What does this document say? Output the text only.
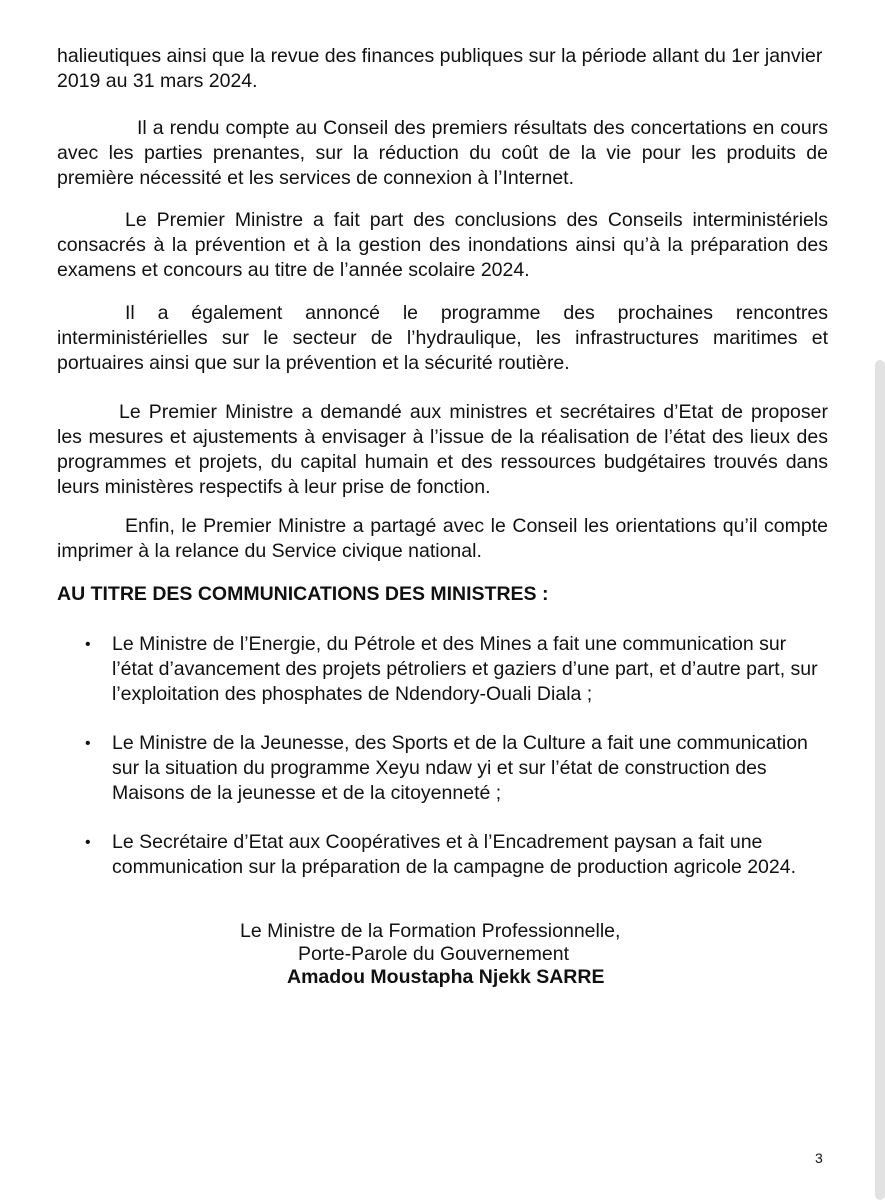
halieutiques ainsi que la revue des finances publiques sur la période allant du 1er janvier 2019 au 31 mars 2024.

Il a rendu compte au Conseil des premiers résultats des concertations en cours avec les parties prenantes, sur la réduction du coût de la vie pour les produits de première nécessité et les services de connexion à l’Internet.

Le Premier Ministre a fait part des conclusions des Conseils interministériels consacrés à la prévention et à la gestion des inondations ainsi qu’à la préparation des examens et concours au titre de l’année scolaire 2024.

Il a également annoncé le programme des prochaines rencontres interministérielles sur le secteur de l’hydraulique, les infrastructures maritimes et portuaires ainsi que sur la prévention et la sécurité routière.

Le Premier Ministre a demandé aux ministres et secrétaires d’Etat de proposer les mesures et ajustements à envisager à l’issue de la réalisation de l’état des lieux des programmes et projets, du capital humain et des ressources budgétaires trouvés dans leurs ministères respectifs à leur prise de fonction.

Enfin, le Premier Ministre a partagé avec le Conseil les orientations qu’il compte imprimer à la relance du Service civique national.

AU TITRE DES COMMUNICATIONS DES MINISTRES :

• Le Ministre de l’Energie, du Pétrole et des Mines a fait une communication sur l’état d’avancement des projets pétroliers et gaziers d’une part, et d’autre part, sur l’exploitation des phosphates de Ndendory-Ouali Diala ;
• Le Ministre de la Jeunesse, des Sports et de la Culture a fait une communication sur la situation du programme Xeyu ndaw yi et sur l’état de construction des Maisons de la jeunesse et de la citoyenneté ;
• Le Secrétaire d’Etat aux Coopératives et à l’Encadrement paysan a fait une communication sur la préparation de la campagne de production agricole 2024.
Le Ministre de la Formation Professionnelle,
Porte-Parole du Gouvernement
Amadou Moustapha Njekk SARRE
3
